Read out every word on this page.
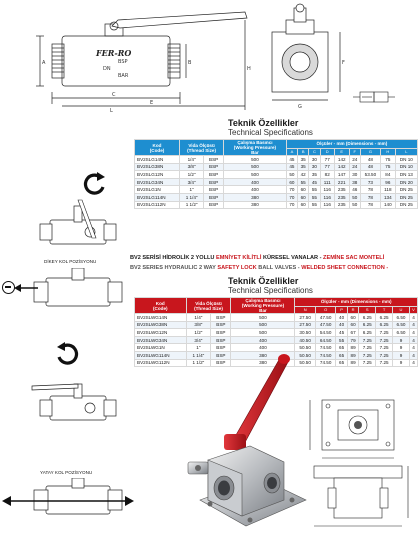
FER-RO
BSP
DN
BAR
A	B
C
E
H
L
F
G
Teknik Özellikler
Technical Specifications
Kod
(Code)	Vida Ölçüsü
(Thread Size)		Çalışma Basıncı
(Working Pressure)
Bar	Ölçüler - mm (Dimensions - mm)								
				A	B	C	D	E	F	G	H	L
BV2SLG14N	1/4"	BSP	500	45	35	30	77	142	24	48	75	DN 10
BV2SLG38N	3/8"	BSP	500	45	35	30	77	142	24	48	75	DN 10
BV2SLG12N	1/2"	BSP	500	50	42	35	82	147	30	53.50	84	DN 13
BV2SLG34N	3/4"	BSP	400	60	55	45	111	221	38	73	96	DN 20
BV2SLG1N	1"	BSP	400	70	60	55	116	235	46	78	118	DN 25
BV2SLG114N	1 1/4"	BSP	380	70	60	55	116	235	50	78	134	DN 25
BV2SLG112N	1 1/2"	BSP	380	70	60	55	116	235	50	78	140	DN 25
DİKEY KOL POZİSYONU
BV2 SERİSİ HİDROLİK 2 YOLLU EMNİYET KİLİTLİ KÜRESEL VANALAR - ZEMİNE SAC MONTELİ
BV2 SERIES HYDRAULIC 2 WAY SAFETY LOCK BALL VALVES - WELDED SHEET CONNECTION -
Teknik Özellikler
Technical Specifications
Kod
(Code)	Vida Ölçüsü
(Thread Size)		Çalışma Basıncı
(Working Pressure)
Bar	Ölçüler - mm (Dimensions - mm)							
				N	O	P	R	S	T	U	V
BV2SLWG14N	1/4"	BSP	500	27.50	47.50	40	60	6.25	6.25	6.50	4
BV2SLWG38N	3/8"	BSP	500	27.50	47.50	40	60	6.25	6.25	6.50	4
BV2SLWG12N	1/2"	BSP	500	30.50	54.50	45	67	6.25	7.25	6.50	4
BV2SLWG34N	3/4"	BSP	400	40.50	64.50	55	79	7.25	7.25	9	4
BV2SLWG1N	1"	BSP	400	50.50	74.50	65	89	7.25	7.25	9	4
BV2SLWG114N	1 1/4"	BSP	380	50.50	74.50	65	89	7.25	7.25	9	4
BV2SLWG112N	1 1/2"	BSP	380	50.50	74.50	65	89	7.25	7.25	9	4
YATAY KOL POZİSYONU
